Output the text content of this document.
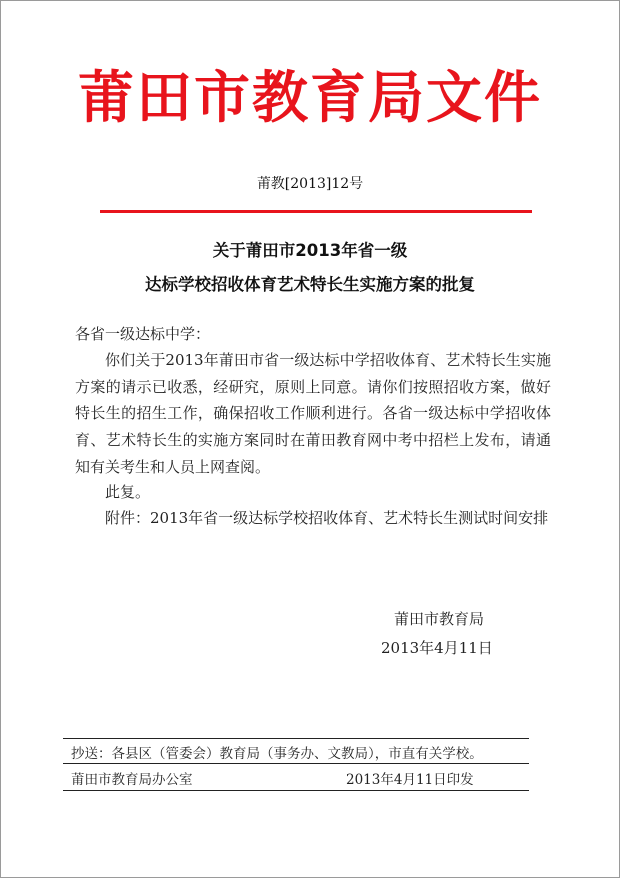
莆田市教育局文件
莆教[2013]12号
关于莆田市2013年省一级
达标学校招收体育艺术特长生实施方案的批复
各省一级达标中学：
你们关于2013年莆田市省一级达标中学招收体育、艺术特长生实施方案的请示已收悉，经研究，原则上同意。请你们按照招收方案，做好特长生的招生工作，确保招收工作顺利进行。各省一级达标中学招收体育、艺术特长生的实施方案同时在莆田教育网中考中招栏上发布，请通知有关考生和人员上网查阅。
此复。
附件：2013年省一级达标学校招收体育、艺术特长生测试时间安排
莆田市教育局
2013年4月11日
抄送：各县区（管委会）教育局（事务办、文教局），市直有关学校。
莆田市教育局办公室	2013年4月11日印发
